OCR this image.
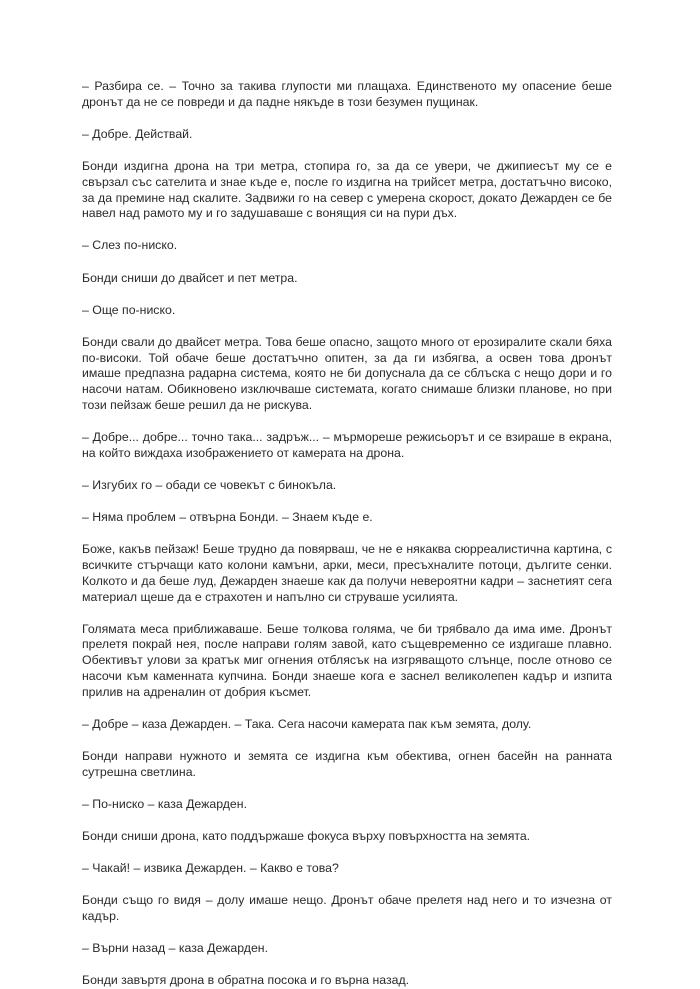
– Разбира се. – Точно за такива глупости ми плащаха. Единственото му опасение беше дронът да не се повреди и да падне някъде в този безумен пущинак.

– Добре. Действай.

Бонди издигна дрона на три метра, стопира го, за да се увери, че джипиесът му се е свързал със сателита и знае къде е, после го издигна на трийсет метра, достатъчно високо, за да премине над скалите. Задвижи го на север с умерена скорост, докато Дежарден се бе навел над рамото му и го задушаваше с вонящия си на пури дъх.

– Слез по-ниско.

Бонди сниши до двайсет и пет метра.

– Още по-ниско.

Бонди свали до двайсет метра. Това беше опасно, защото много от ерозиралите скали бяха по-високи. Той обаче беше достатъчно опитен, за да ги избягва, а освен това дронът имаше предпазна радарна система, която не би допуснала да се сблъска с нещо дори и го насочи натам. Обикновено изключваше системата, когато снимаше близки планове, но при този пейзаж беше решил да не рискува.

– Добре... добре... точно така... задръж... – мърмореше режисьорът и се взираше в екрана, на който виждаха изображението от камерата на дрона.

– Изгубих го – обади се човекът с бинокъла.

– Няма проблем – отвърна Бонди. – Знаем къде е.

Боже, какъв пейзаж! Беше трудно да повярваш, че не е някаква сюрреалистична картина, с всичките стърчащи като колони камъни, арки, меси, пресъхналите потоци, дългите сенки. Колкото и да беше луд, Дежарден знаеше как да получи невероятни кадри – заснетият сега материал щеше да е страхотен и напълно си струваше усилията.

Голямата меса приближаваше. Беше толкова голяма, че би трябвало да има име. Дронът прелетя покрай нея, после направи голям завой, като същевременно се издигаше плавно. Обективът улови за кратък миг огнения отблясък на изгряващото слънце, после отново се насочи към каменната купчина. Бонди знаеше кога е заснел великолепен кадър и изпита прилив на адреналин от добрия късмет.

– Добре – каза Дежарден. – Така. Сега насочи камерата пак към земята, долу.

Бонди направи нужното и земята се издигна към обектива, огнен басейн на ранната сутрешна светлина.

– По-ниско – каза Дежарден.

Бонди сниши дрона, като поддържаше фокуса върху повърхността на земята.

– Чакай! – извика Дежарден. – Какво е това?

Бонди също го видя – долу имаше нещо. Дронът обаче прелетя над него и то изчезна от кадър.

– Върни назад – каза Дежарден.

Бонди завъртя дрона в обратна посока и го върна назад.
